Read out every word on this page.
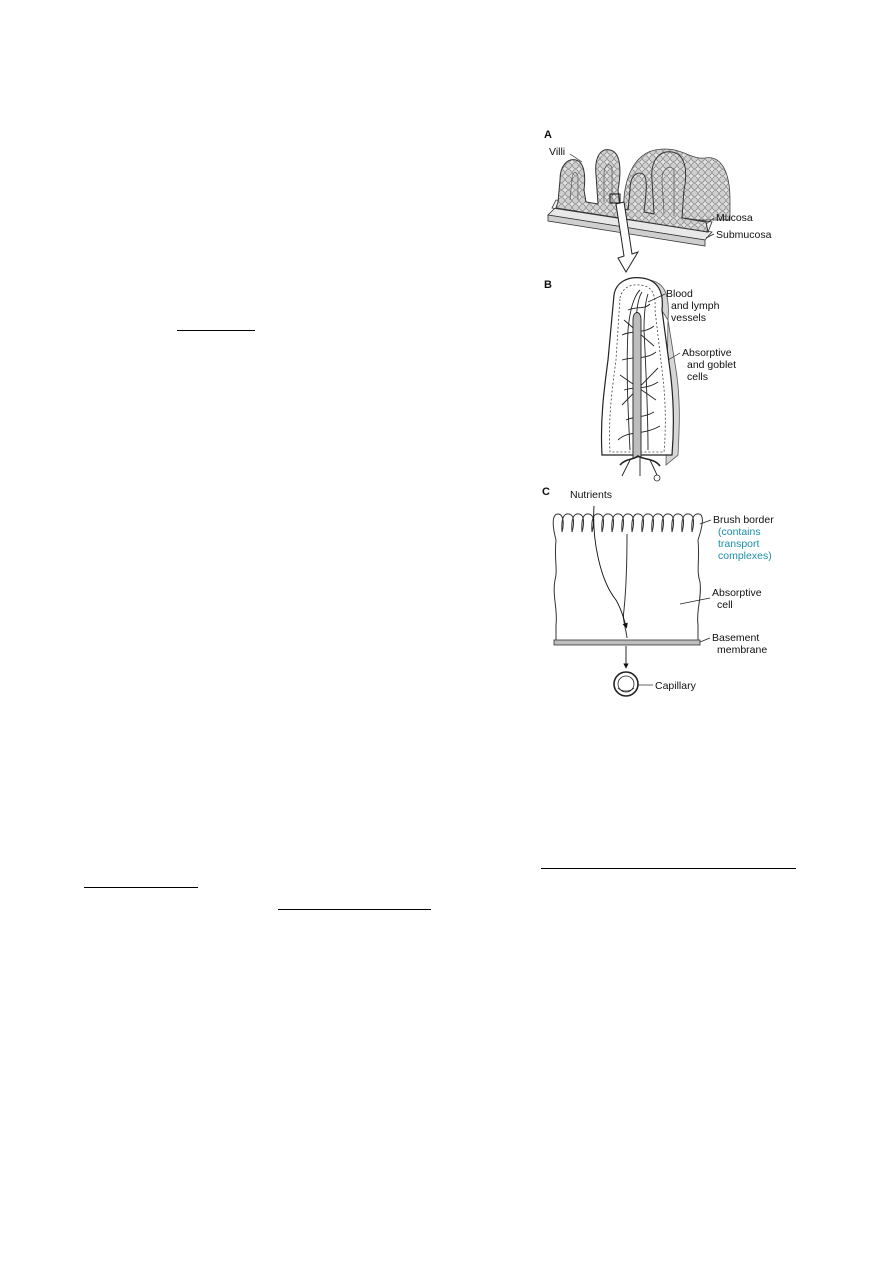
A
Villi
Mucosa
Submucosa
B
Blood
and lymph
vessels
Absorptive
and goblet
cells
C Nutrients
Brush border
(contains
transport
complexes)
Absorptive
cell
Basement
membrane
Capillary
